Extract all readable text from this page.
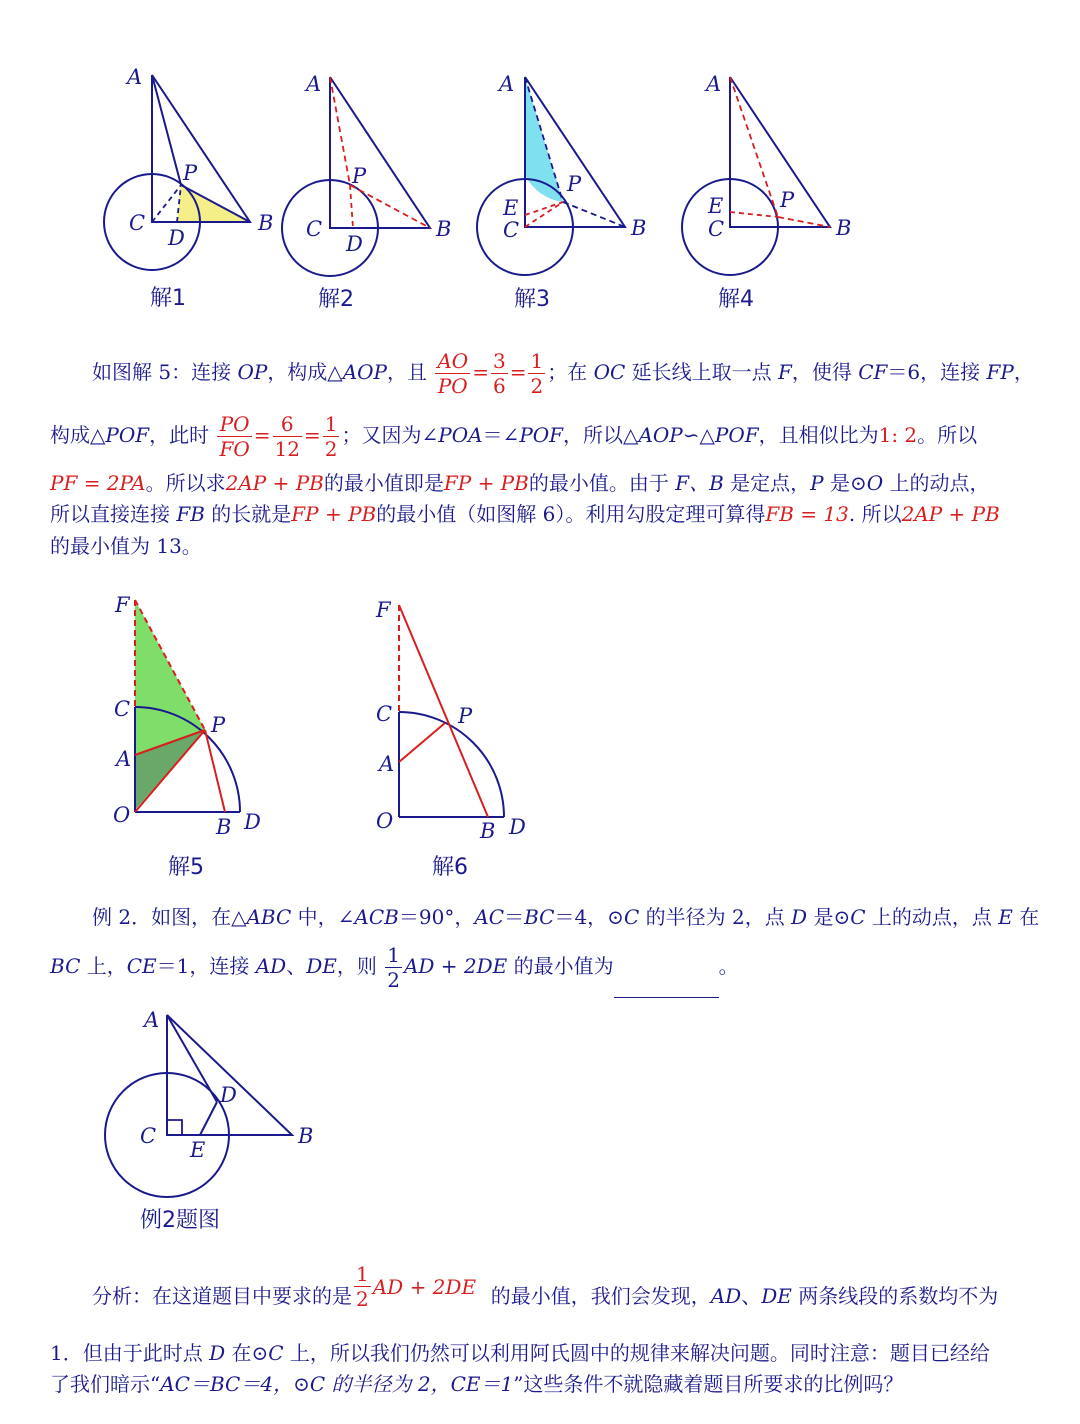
A
P
C
D
B
解1
A
P
C
D
B
解2
A
P
E
C	B
解3
A
P
E
C	B
解4
如图解 5：连接 OP，构成△AOP，且 $\frac{AO}{PO} = \frac{3}{6} = \frac{1}{2}$ ；在 OC 延长线上取一点 F，使得 CF＝6，连接 FP，
构成△POF，此时 $\frac{PO}{FO} = \frac{6}{12} = \frac{1}{2}$ ；又因为∠POA＝∠POF，所以△AOP∽△POF，且相似比为1: 2。所以
PF = 2PA。所以求2AP + PB的最小值即是FP + PB的最小值。由于 F、B 是定点，P 是⊙O 上的动点，
所以直接连接 FB 的长就是FP + PB的最小值（如图解 6）。利用勾股定理可算得FB = 13. 所以2AP + PB
的最小值为 13。
F
C
P
A
O	B D
解5
F
C	P
A
O	B D
解6
例 2．如图，在△ABC 中，∠ACB＝90°，AC＝BC＝4，⊙C 的半径为 2，点 D 是⊙C 上的动点，点 E 在
BC 上，CE＝1，连接 AD、DE，则 $\frac{1}{2}$ AD + 2DE 的最小值为	。
A
D
C
E
B
例2题图
分析：在这道题目中要求的是 $\frac{1}{2}$ AD + 2DE 的最小值，我们会发现，AD、DE 两条线段的系数均不为
1．但由于此时点 D 在⊙C 上，所以我们仍然可以利用阿氏圆中的规律来解决问题。同时注意：题目已经给
了我们暗示“AC＝BC＝4，⊙C 的半径为 2，CE＝1”这些条件不就隐藏着题目所要求的比例吗？
